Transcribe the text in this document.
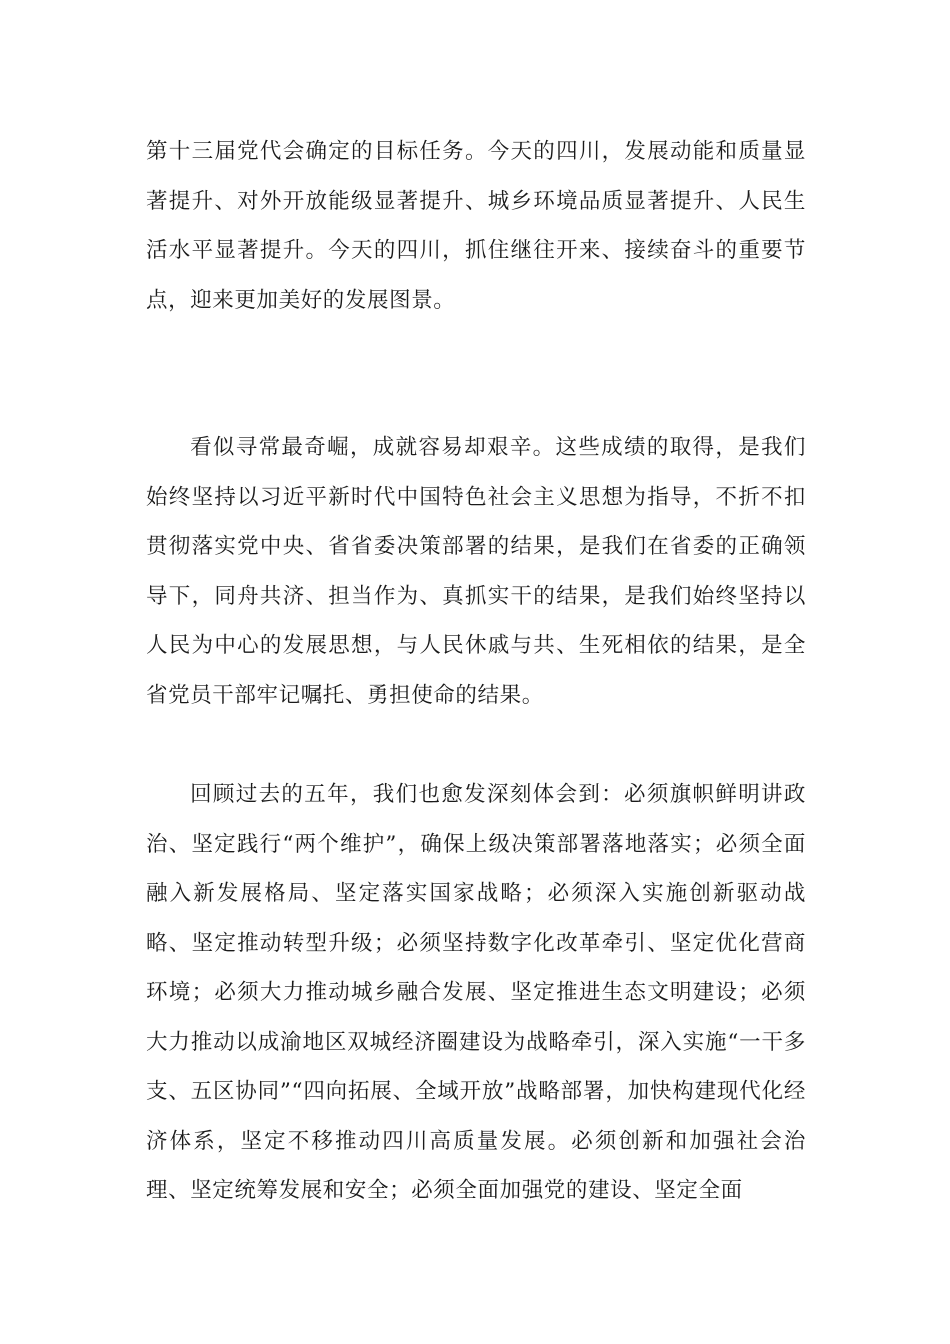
第十三届党代会确定的目标任务。今天的四川，发展动能和质量显著提升、对外开放能级显著提升、城乡环境品质显著提升、人民生活水平显著提升。今天的四川，抓住继往开来、接续奋斗的重要节点，迎来更加美好的发展图景。

看似寻常最奇崛，成就容易却艰辛。这些成绩的取得，是我们始终坚持以习近平新时代中国特色社会主义思想为指导，不折不扣贯彻落实党中央、省省委决策部署的结果，是我们在省委的正确领导下，同舟共济、担当作为、真抓实干的结果，是我们始终坚持以人民为中心的发展思想，与人民休戚与共、生死相依的结果，是全省党员干部牢记嘱托、勇担使命的结果。

回顾过去的五年，我们也愈发深刻体会到：必须旗帜鲜明讲政治、坚定践行“两个维护”，确保上级决策部署落地落实；必须全面融入新发展格局、坚定落实国家战略；必须深入实施创新驱动战略、坚定推动转型升级；必须坚持数字化改革牵引、坚定优化营商环境；必须大力推动城乡融合发展、坚定推进生态文明建设；必须大力推动以成渝地区双城经济圈建设为战略牵引，深入实施“一干多支、五区协同”“四向拓展、全域开放”战略部署，加快构建现代化经济体系，坚定不移推动四川高质量发展。必须创新和加强社会治理、坚定统筹发展和安全；必须全面加强党的建设、坚定全面
